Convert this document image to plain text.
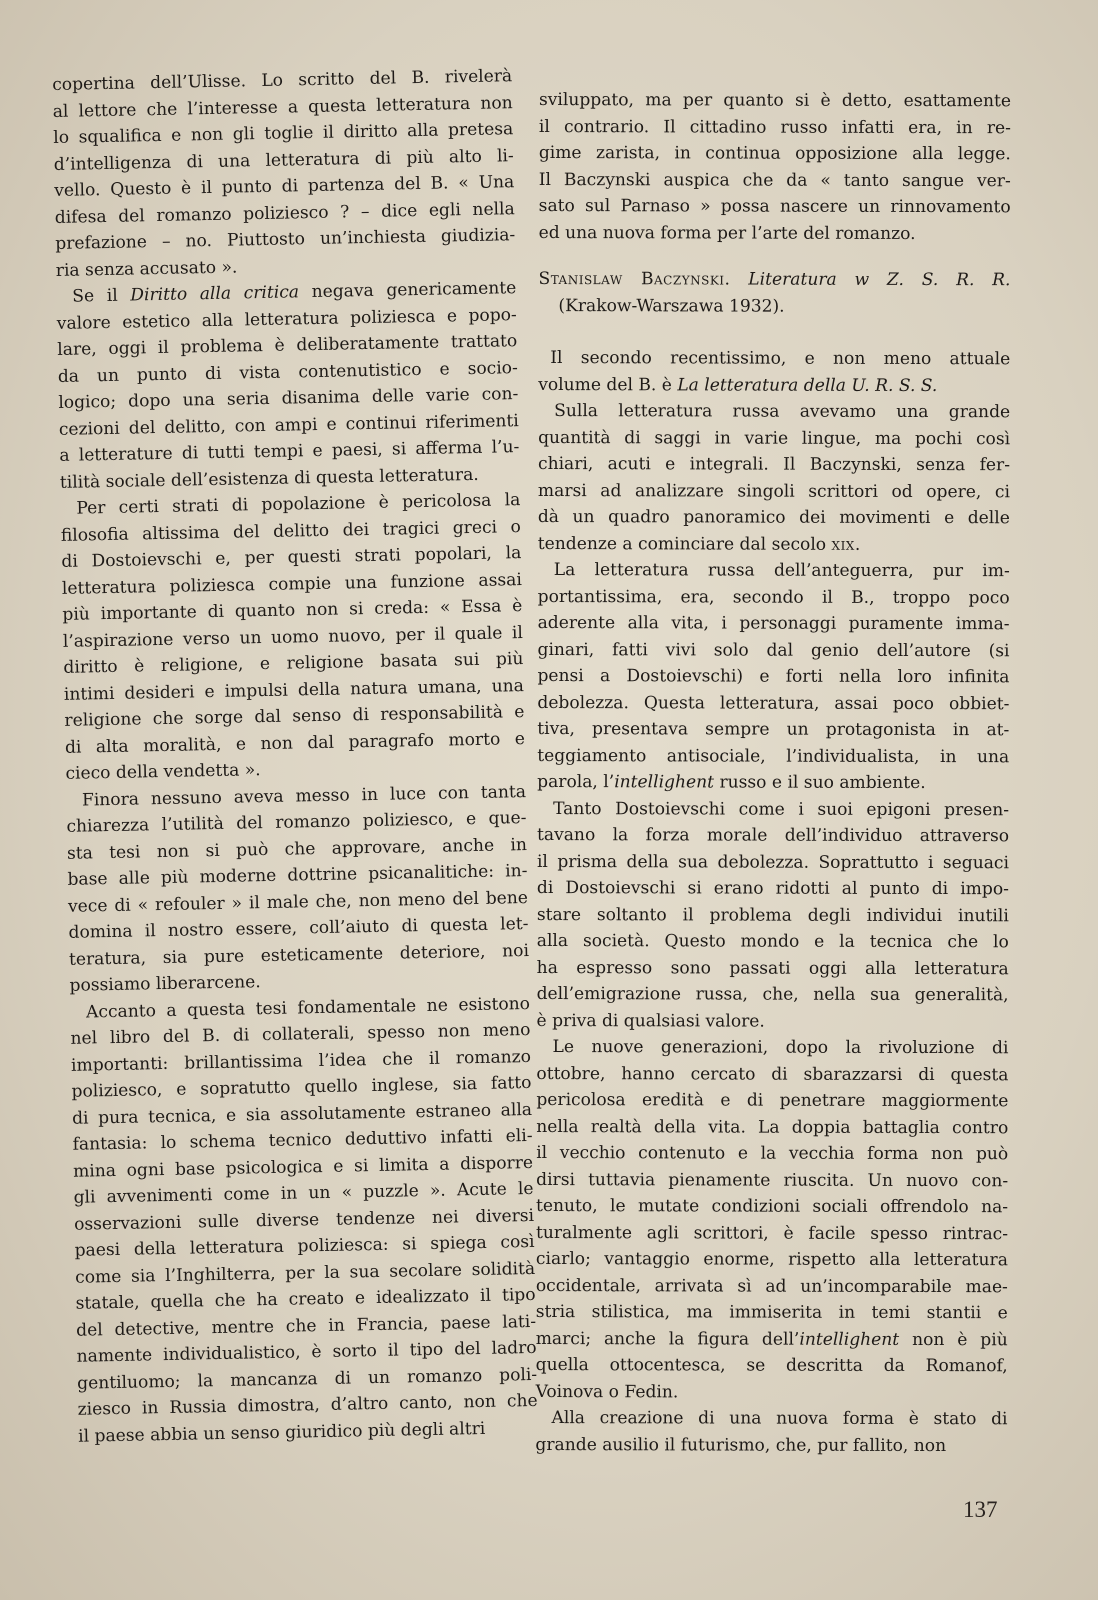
copertina dell’Ulisse. Lo scritto del B. rivelerà
al lettore che l’interesse a questa letteratura non
lo squalifica e non gli toglie il diritto alla pretesa
d’intelligenza di una letteratura di più alto li-
vello. Questo è il punto di partenza del B. « Una
difesa del romanzo poliziesco ? – dice egli nella
prefazione – no. Piuttosto un’inchiesta giudizia-
ria senza accusato ».
Se il Diritto alla critica negava genericamente
valore estetico alla letteratura poliziesca e popo-
lare, oggi il problema è deliberatamente trattato
da un punto di vista contenutistico e socio-
logico; dopo una seria disanima delle varie con-
cezioni del delitto, con ampi e continui riferimenti
a letterature di tutti tempi e paesi, si afferma l’u-
tilità sociale dell’esistenza di questa letteratura.
Per certi strati di popolazione è pericolosa la
filosofia altissima del delitto dei tragici greci o
di Dostoievschi e, per questi strati popolari, la
letteratura poliziesca compie una funzione assai
più importante di quanto non si creda: « Essa è
l’aspirazione verso un uomo nuovo, per il quale il
diritto è religione, e religione basata sui più
intimi desideri e impulsi della natura umana, una
religione che sorge dal senso di responsabilità e
di alta moralità, e non dal paragrafo morto e
cieco della vendetta ».
Finora nessuno aveva messo in luce con tanta
chiarezza l’utilità del romanzo poliziesco, e que-
sta tesi non si può che approvare, anche in
base alle più moderne dottrine psicanalitiche: in-
vece di « refouler » il male che, non meno del bene
domina il nostro essere, coll’aiuto di questa let-
teratura, sia pure esteticamente deteriore, noi
possiamo liberarcene.
Accanto a questa tesi fondamentale ne esistono
nel libro del B. di collaterali, spesso non meno
importanti: brillantissima l’idea che il romanzo
poliziesco, e sopratutto quello inglese, sia fatto
di pura tecnica, e sia assolutamente estraneo alla
fantasia: lo schema tecnico deduttivo infatti eli-
mina ogni base psicologica e si limita a disporre
gli avvenimenti come in un « puzzle ». Acute le
osservazioni sulle diverse tendenze nei diversi
paesi della letteratura poliziesca: si spiega così
come sia l’Inghilterra, per la sua secolare solidità
statale, quella che ha creato e idealizzato il tipo
del detective, mentre che in Francia, paese lati-
namente individualistico, è sorto il tipo del ladro
gentiluomo; la mancanza di un romanzo poli-
ziesco in Russia dimostra, d’altro canto, non che
il paese abbia un senso giuridico più degli altri
sviluppato, ma per quanto si è detto, esattamente
il contrario. Il cittadino russo infatti era, in re-
gime zarista, in continua opposizione alla legge.
Il Baczynski auspica che da « tanto sangue ver-
sato sul Parnaso » possa nascere un rinnovamento
ed una nuova forma per l’arte del romanzo.
Stanislaw Baczynski. Literatura w Z. S. R. R.
(Krakow-Warszawa 1932).
Il secondo recentissimo, e non meno attuale
volume del B. è La letteratura della U. R. S. S.
Sulla letteratura russa avevamo una grande
quantità di saggi in varie lingue, ma pochi così
chiari, acuti e integrali. Il Baczynski, senza fer-
marsi ad analizzare singoli scrittori od opere, ci
dà un quadro panoramico dei movimenti e delle
tendenze a cominciare dal secolo xix.
La letteratura russa dell’anteguerra, pur im-
portantissima, era, secondo il B., troppo poco
aderente alla vita, i personaggi puramente imma-
ginari, fatti vivi solo dal genio dell’autore (si
pensi a Dostoievschi) e forti nella loro infinita
debolezza. Questa letteratura, assai poco obbiet-
tiva, presentava sempre un protagonista in at-
teggiamento antisociale, l’individualista, in una
parola, l’intellighent russo e il suo ambiente.
Tanto Dostoievschi come i suoi epigoni presen-
tavano la forza morale dell’individuo attraverso
il prisma della sua debolezza. Soprattutto i seguaci
di Dostoievschi si erano ridotti al punto di impo-
stare soltanto il problema degli individui inutili
alla società. Questo mondo e la tecnica che lo
ha espresso sono passati oggi alla letteratura
dell’emigrazione russa, che, nella sua generalità,
è priva di qualsiasi valore.
Le nuove generazioni, dopo la rivoluzione di
ottobre, hanno cercato di sbarazzarsi di questa
pericolosa eredità e di penetrare maggiormente
nella realtà della vita. La doppia battaglia contro
il vecchio contenuto e la vecchia forma non può
dirsi tuttavia pienamente riuscita. Un nuovo con-
tenuto, le mutate condizioni sociali offrendolo na-
turalmente agli scrittori, è facile spesso rintrac-
ciarlo; vantaggio enorme, rispetto alla letteratura
occidentale, arrivata sì ad un’incomparabile mae-
stria stilistica, ma immiserita in temi stantii e
marci; anche la figura dell’intellighent non è più
quella ottocentesca, se descritta da Romanof,
Voinova o Fedin.
Alla creazione di una nuova forma è stato di
grande ausilio il futurismo, che, pur fallito, non
137
